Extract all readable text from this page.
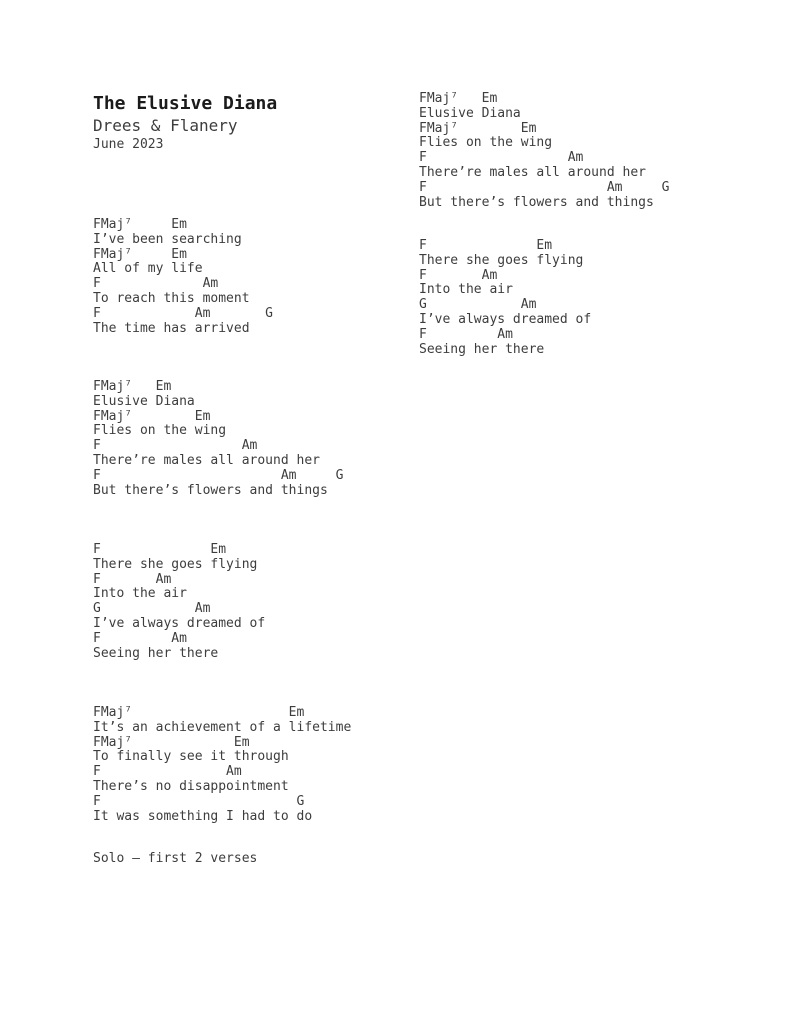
The Elusive Diana
Drees & Flanery
June 2023
FMaj⁷     Em
I’ve been searching
FMaj⁷     Em
All of my life
F             Am
To reach this moment
F            Am       G
The time has arrived
FMaj⁷   Em
Elusive Diana
FMaj⁷        Em
Flies on the wing
F                  Am
There’re males all around her
F                       Am     G
But there’s flowers and things
F              Em
There she goes flying
F       Am
Into the air
G            Am
I’ve always dreamed of
F         Am
Seeing her there
FMaj⁷                    Em
It’s an achievement of a lifetime
FMaj⁷             Em
To finally see it through
F                Am
There’s no disappointment
F                         G
It was something I had to do
Solo – first 2 verses
FMaj⁷   Em
Elusive Diana
FMaj⁷        Em
Flies on the wing
F                  Am
There’re males all around her
F                       Am     G
But there’s flowers and things
F              Em
There she goes flying
F       Am
Into the air
G            Am
I’ve always dreamed of
F         Am
Seeing her there
